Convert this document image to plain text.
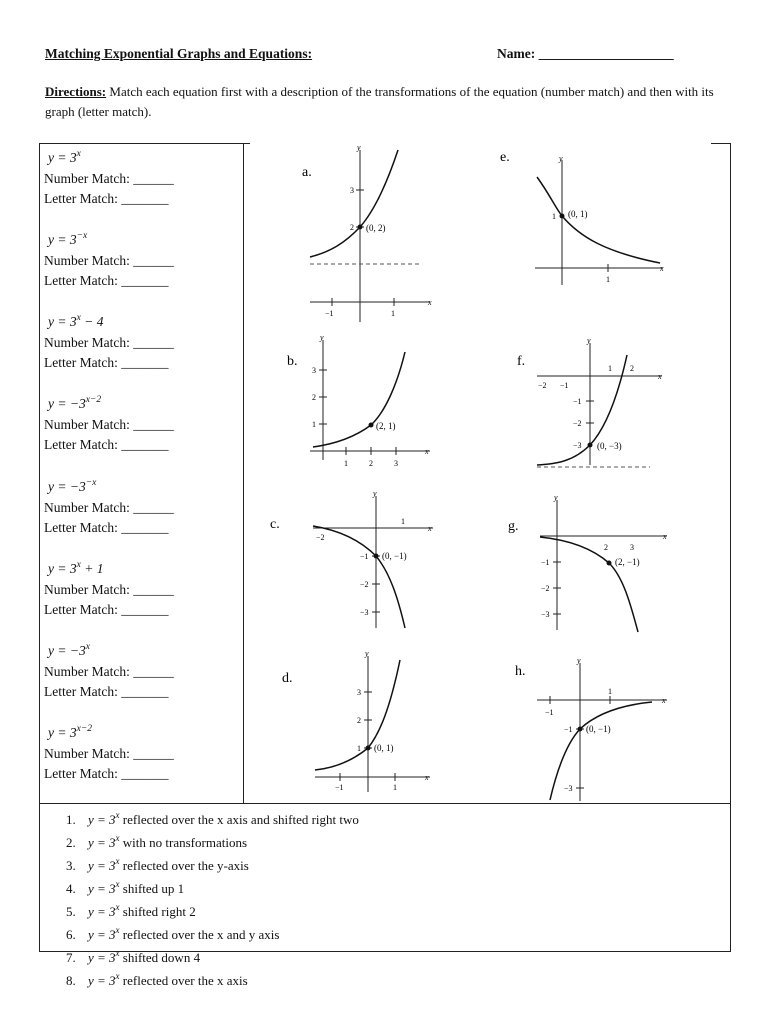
Matching Exponential Graphs and Equations:	Name: ____________________
Directions: Match each equation first with a description of the transformations of the equation (number match) and then with its graph (letter match).
$y = 3^x$
Number Match: ______
Letter Match: _______
$y = 3^{-x}$
Number Match: ______
Letter Match: _______
$y = 3^x - 4$
Number Match: ______
Letter Match: _______
$y = -3^{x-2}$
Number Match: ______
Letter Match: _______
$y = -3^{-x}$
Number Match: ______
Letter Match: _______
$y = 3^x + 1$
Number Match: ______
Letter Match: _______
$y = -3^x$
Number Match: ______
Letter Match: _______
$y = 3^{x-2}$
Number Match: ______
Letter Match: _______
a.
x
y
−1	1
3
2 (0, 2)
e.
x
y
1
1 (0, 1)
b.
x
y
1	2	3
3
2
1	(2, 1)
f.
x
y
−2 −1
1 2
−1
−2
−3 (0, −3)
c.	x
y
−2
1
−1
−2
−3
(0, −1)
g.
x
y
2	3
−1
−2
−3
(2, −1)
d.
x
y
−1	1
3
2
1 (0, 1)
h.
x
y
−1
1
−1
−3
(0, −1)
1. $y = 3^x$ reflected over the x axis and shifted right two
2. $y = 3^x$ with no transformations
3. $y = 3^x$ reflected over the y-axis
4. $y = 3^x$ shifted up 1
5. $y = 3^x$ shifted right 2
6. $y = 3^x$ reflected over the x and y axis
7. $y = 3^x$ shifted down 4
8. $y = 3^x$ reflected over the x axis
